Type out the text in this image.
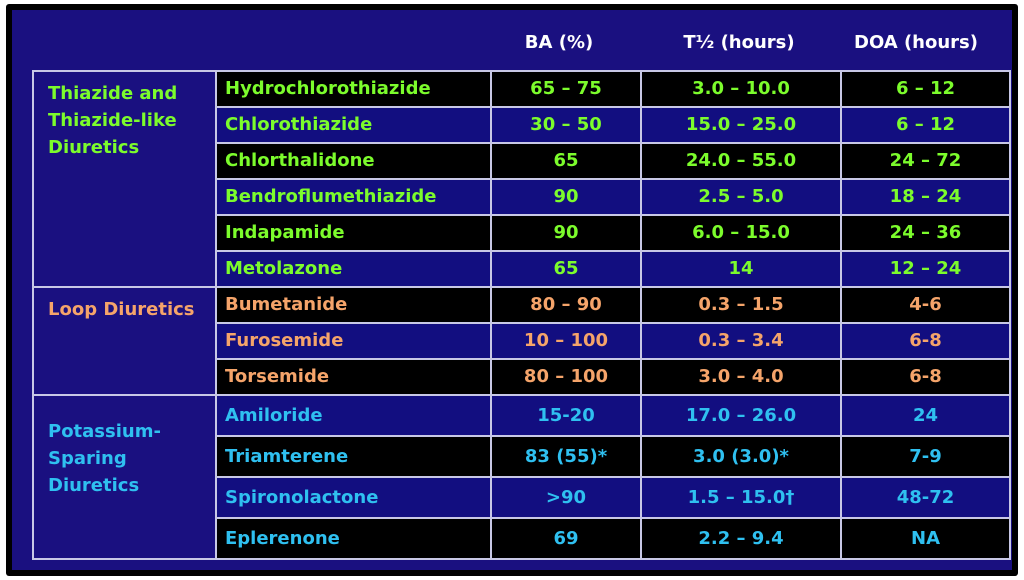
BA (%)	T½ (hours)	DOA (hours)
Thiazide and
Thiazide-like
Diuretics	Hydrochlorothiazide	65 – 75	3.0 – 10.0	6 – 12
	Chlorothiazide	30 – 50	15.0 – 25.0	6 – 12
	Chlorthalidone	65	24.0 – 55.0	24 – 72
	Bendroflumethiazide	90	2.5 – 5.0	18 – 24
	Indapamide	90	6.0 – 15.0	24 – 36
	Metolazone	65	14	12 – 24

Loop Diuretics	Bumetanide	80 – 90	0.3 – 1.5	4-6
	Furosemide	10 – 100	0.3 – 3.4	6-8
	Torsemide	80 – 100	3.0 – 4.0	6-8

Potassium-
Sparing
Diuretics	Amiloride	15-20	17.0 – 26.0	24
	Triamterene	83 (55)*	3.0 (3.0)*	7-9
	Spironolactone	>90	1.5 – 15.0†	48-72
	Eplerenone	69	2.2 – 9.4	NA
